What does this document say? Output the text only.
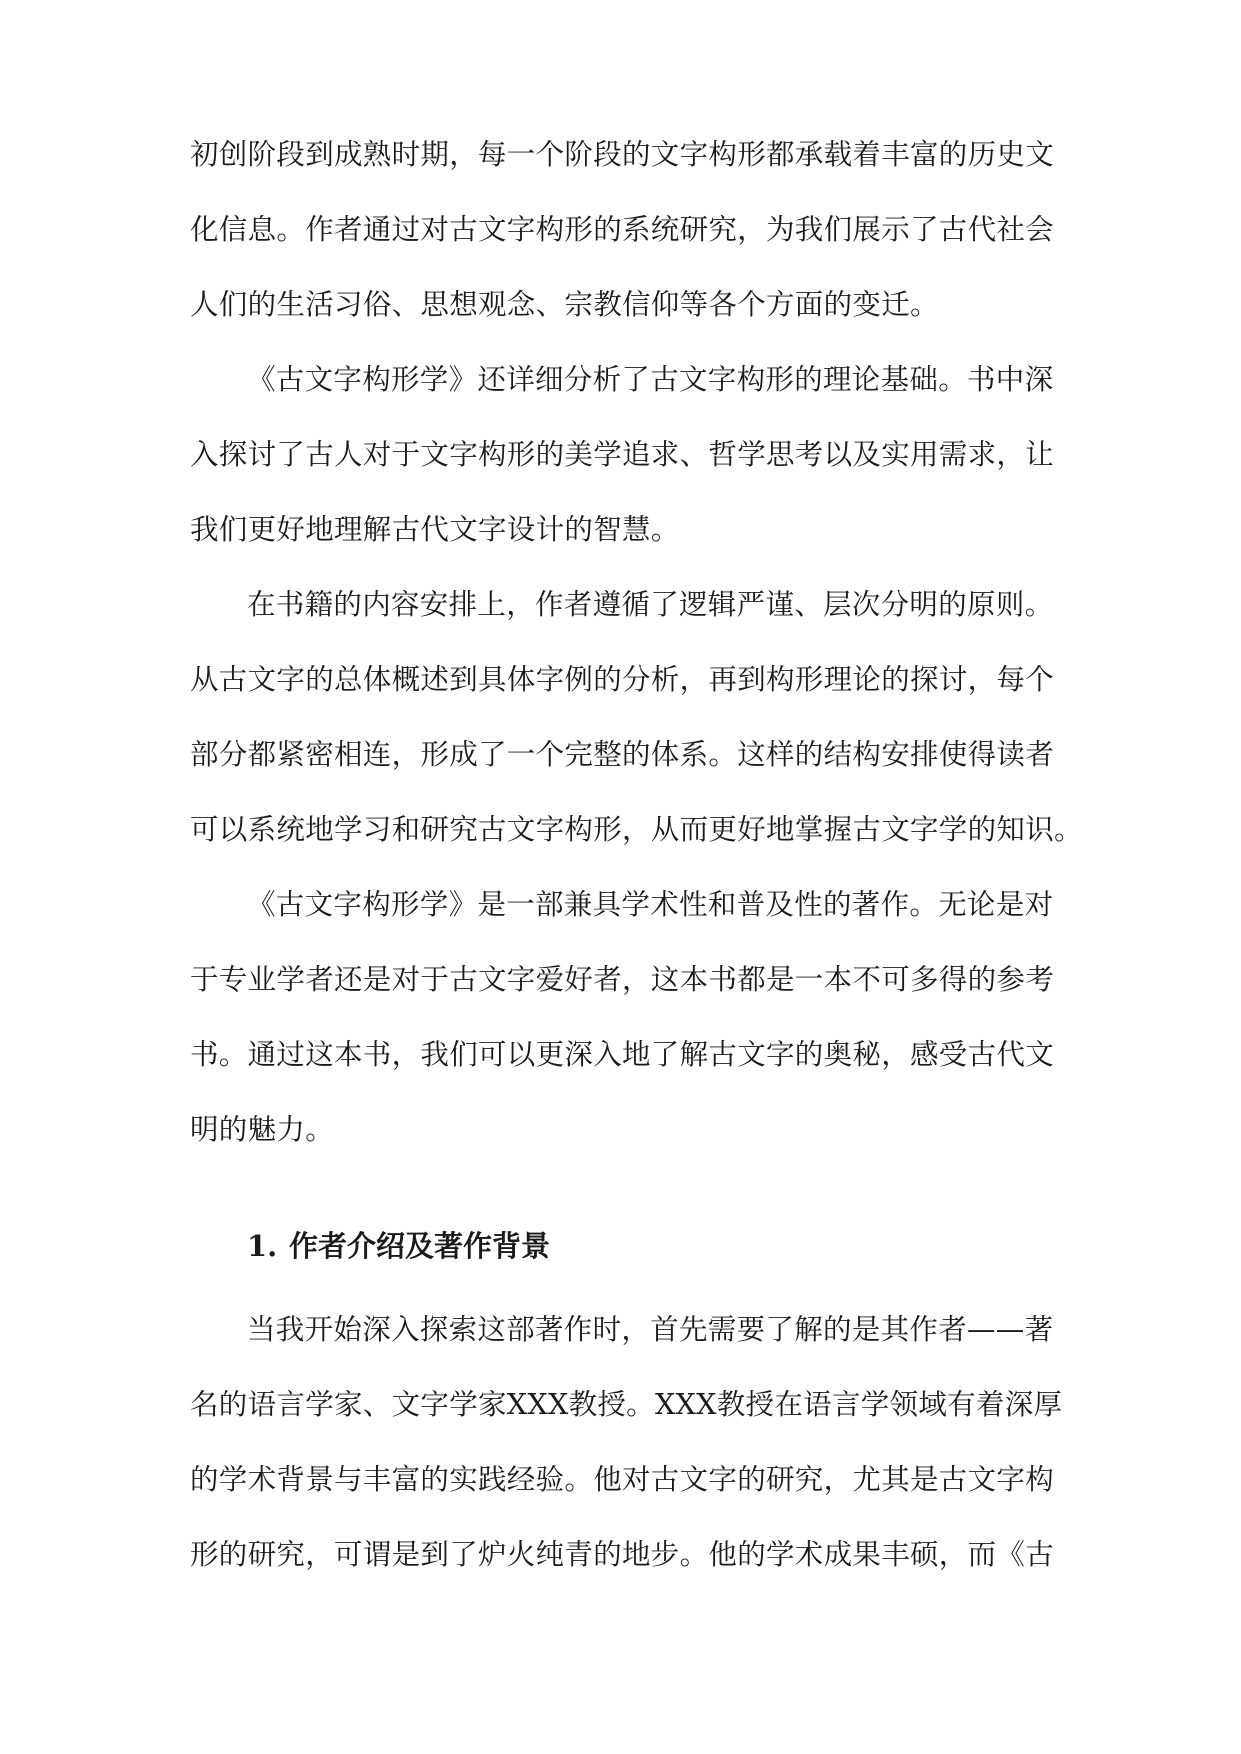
初创阶段到成熟时期，每一个阶段的文字构形都承载着丰富的历史文
化信息。作者通过对古文字构形的系统研究，为我们展示了古代社会
人们的生活习俗、思想观念、宗教信仰等各个方面的变迁。
《古文字构形学》还详细分析了古文字构形的理论基础。书中深
入探讨了古人对于文字构形的美学追求、哲学思考以及实用需求，让
我们更好地理解古代文字设计的智慧。
在书籍的内容安排上，作者遵循了逻辑严谨、层次分明的原则。
从古文字的总体概述到具体字例的分析，再到构形理论的探讨，每个
部分都紧密相连，形成了一个完整的体系。这样的结构安排使得读者
可以系统地学习和研究古文字构形，从而更好地掌握古文字学的知识。
《古文字构形学》是一部兼具学术性和普及性的著作。无论是对
于专业学者还是对于古文字爱好者，这本书都是一本不可多得的参考
书。通过这本书，我们可以更深入地了解古文字的奥秘，感受古代文
明的魅力。
1. 作者介绍及著作背景
当我开始深入探索这部著作时，首先需要了解的是其作者——著
名的语言学家、文字学家XXX教授。XXX教授在语言学领域有着深厚
的学术背景与丰富的实践经验。他对古文字的研究，尤其是古文字构
形的研究，可谓是到了炉火纯青的地步。他的学术成果丰硕，而《古
